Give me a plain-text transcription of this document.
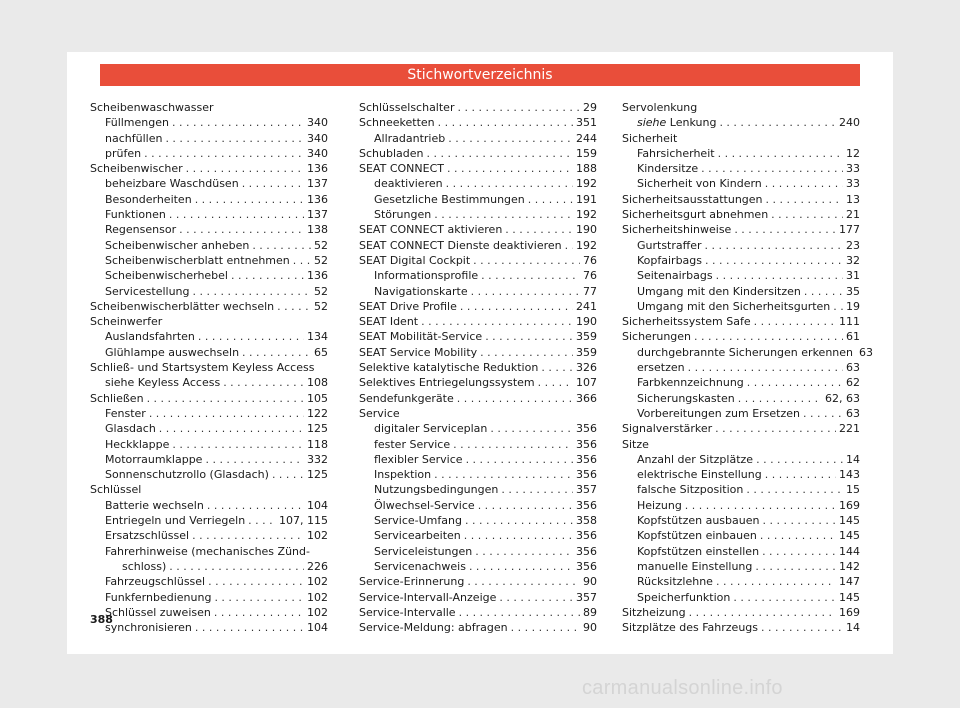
Stichwortverzeichnis
Scheibenwaschwasser
Füllmengen . . .	340
nachfüllen . . .	340
prüfen . . .	340
Scheibenwischer . . .	136
beheizbare Waschdüsen . . .	137
Besonderheiten . . .	136
Funktionen . . .	137
Regensensor . . .	138
Scheibenwischer anheben . . .	52
Scheibenwischerblatt entnehmen . . . 52
Scheibenwischerhebel . . .	136
Servicestellung . . .	52
Scheibenwischerblätter wechseln . . .	52
Scheinwerfer
Auslandsfahrten . . .	134
Glühlampe auswechseln . . .	65
Schließ- und Startsystem Keyless Access
siehe Keyless Access . . .	108
Schließen . . .	105
Fenster . . .	122
Glasdach . . .	125
Heckklappe . . .	118
Motorraumklappe . . .	332
Sonnenschutzrollo (Glasdach) . . .	125
Schlüssel
Batterie wechseln . . .	104
Entriegeln und Verriegeln . . .	107, 115
Ersatzschlüssel . . .	102
Fahrerhinweise (mechanisches Zünd-
schloss) . . .	226
Fahrzeugschlüssel . . .	102
Funkfernbedienung . . .	102
Schlüssel zuweisen . . .	102
synchronisieren . . .	104
Schlüsselschalter . . .	29
Schneeketten . . .	351
Allradantrieb . . .	244
Schubladen . . .	159
SEAT CONNECT . . .	188
deaktivieren . . .	192
Gesetzliche Bestimmungen . . .	191
Störungen . . .	192
SEAT CONNECT aktivieren . . .	190
SEAT CONNECT Dienste deaktivieren . . . 192
SEAT Digital Cockpit . . .	76
Informationsprofile . . .	76
Navigationskarte . . .	77
SEAT Drive Profile . . .	241
SEAT Ident . . .	190
SEAT Mobilität-Service . . .	359
SEAT Service Mobility . . .	359
Selektive katalytische Reduktion . . .	326
Selektives Entriegelungssystem . . .	107
Sendefunkgeräte . . .	366
Service
digitaler Serviceplan . . .	356
fester Service . . .	356
flexibler Service . . .	356
Inspektion . . .	356
Nutzungsbedingungen . . .	357
Ölwechsel-Service . . .	356
Service-Umfang . . .	358
Servicearbeiten . . .	356
Serviceleistungen . . .	356
Servicenachweis . . .	356
Service-Erinnerung . . .	90
Service-Intervall-Anzeige . . .	357
Service-Intervalle . . .	89
Service-Meldung: abfragen . . .	90
Servolenkung
siehe Lenkung . . .	240
Sicherheit
Fahrsicherheit . . .	12
Kindersitze . . .	33
Sicherheit von Kindern . . .	33
Sicherheitsausstattungen . . .	13
Sicherheitsgurt abnehmen . . .	21
Sicherheitshinweise . . .	177
Gurtstraffer . . .	23
Kopfairbags . . .	32
Seitenairbags . . .	31
Umgang mit den Kindersitzen . . .	35
Umgang mit den Sicherheitsgurten . . . 19
Sicherheitssystem Safe . . .	111
Sicherungen . . .	61
durchgebrannte Sicherungen erkennen 63
ersetzen . . .	63
Farbkennzeichnung . . .	62
Sicherungskasten . . .	62, 63
Vorbereitungen zum Ersetzen . . .	63
Signalverstärker . . .	221
Sitze
Anzahl der Sitzplätze . . .	14
elektrische Einstellung . . .	143
falsche Sitzposition . . .	15
Heizung . . .	169
Kopfstützen ausbauen . . .	145
Kopfstützen einbauen . . .	145
Kopfstützen einstellen . . .	144
manuelle Einstellung . . .	142
Rücksitzlehne . . .	147
Speicherfunktion . . .	145
Sitzheizung . . .	169
Sitzplätze des Fahrzeugs . . .	14
388
carmanualsonline.info
